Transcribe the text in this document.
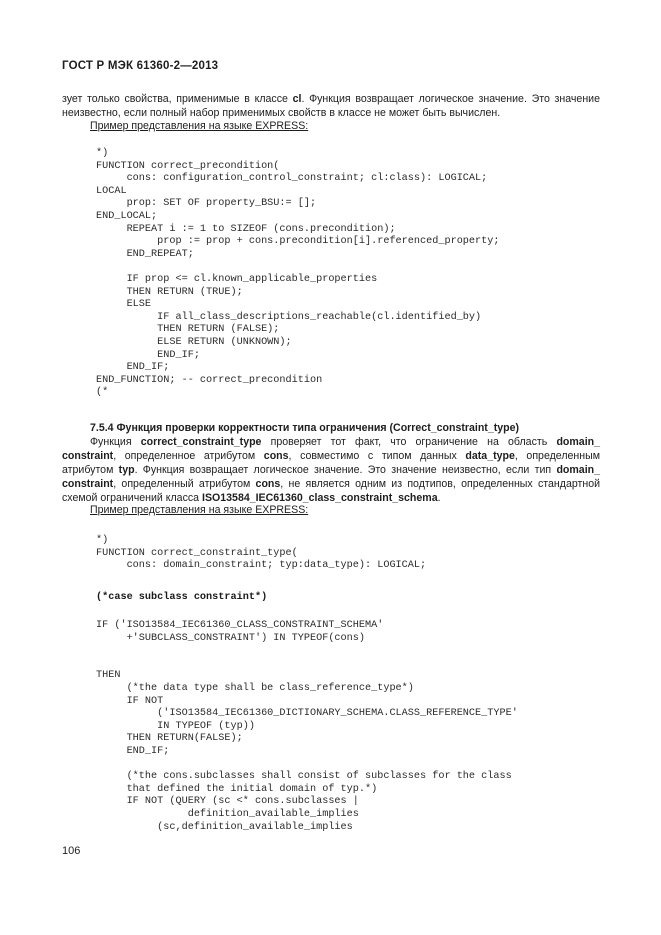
ГОСТ Р МЭК 61360-2—2013
зует только свойства, применимые в классе cl. Функция возвращает логическое значение. Это значение
неизвестно, если полный набор применимых свойств в классе не может быть вычислен.

Пример представления на языке EXPRESS:

*)
FUNCTION correct_precondition(
cons: configuration_control_constraint; cl:class): LOGICAL;
LOCAL
prop: SET OF property_BSU:= [];
END_LOCAL;
REPEAT i := 1 to SIZEOF (cons.precondition);
prop := prop + cons.precondition[i].referenced_property;
END_REPEAT;

IF prop <= cl.known_applicable_properties
THEN RETURN (TRUE);
ELSE
IF all_class_descriptions_reachable(cl.identified_by)
THEN RETURN (FALSE);
ELSE RETURN (UNKNOWN);
END_IF;
END_IF;
END_FUNCTION; -- correct_precondition
(*

7.5.4 Функция проверки корректности типа ограничения (Correct_constraint_type)

Функция correct_constraint_type проверяет тот факт, что ограничение на область domain_
constraint, определенное атрибутом cons, совместимо с типом данных data_type, определенным
атрибутом typ. Функция возвращает логическое значение. Это значение неизвестно, если тип domain_
constraint, определенный атрибутом cons, не является одним из подтипов, определенных стандартной
схемой ограничений класса ISO13584_IEC61360_class_constraint_schema.

Пример представления на языке EXPRESS:

*)
FUNCTION correct_constraint_type(
cons: domain_constraint; typ:data_type): LOGICAL;

(*case subclass constraint*)
IF ('ISO13584_IEC61360_CLASS_CONSTRAINT_SCHEMA'
+'SUBCLASS_CONSTRAINT') IN TYPEOF(cons)

THEN
(*the data type shall be class_reference_type*)
IF NOT
('ISO13584_IEC61360_DICTIONARY_SCHEMA.CLASS_REFERENCE_TYPE'
IN TYPEOF (typ))
THEN RETURN(FALSE);
END_IF;

(*the cons.subclasses shall consist of subclasses for the class
that defined the initial domain of typ.*)
IF NOT (QUERY (sc <* cons.subclasses |
definition_available_implies
(sc,definition_available_implies

106
